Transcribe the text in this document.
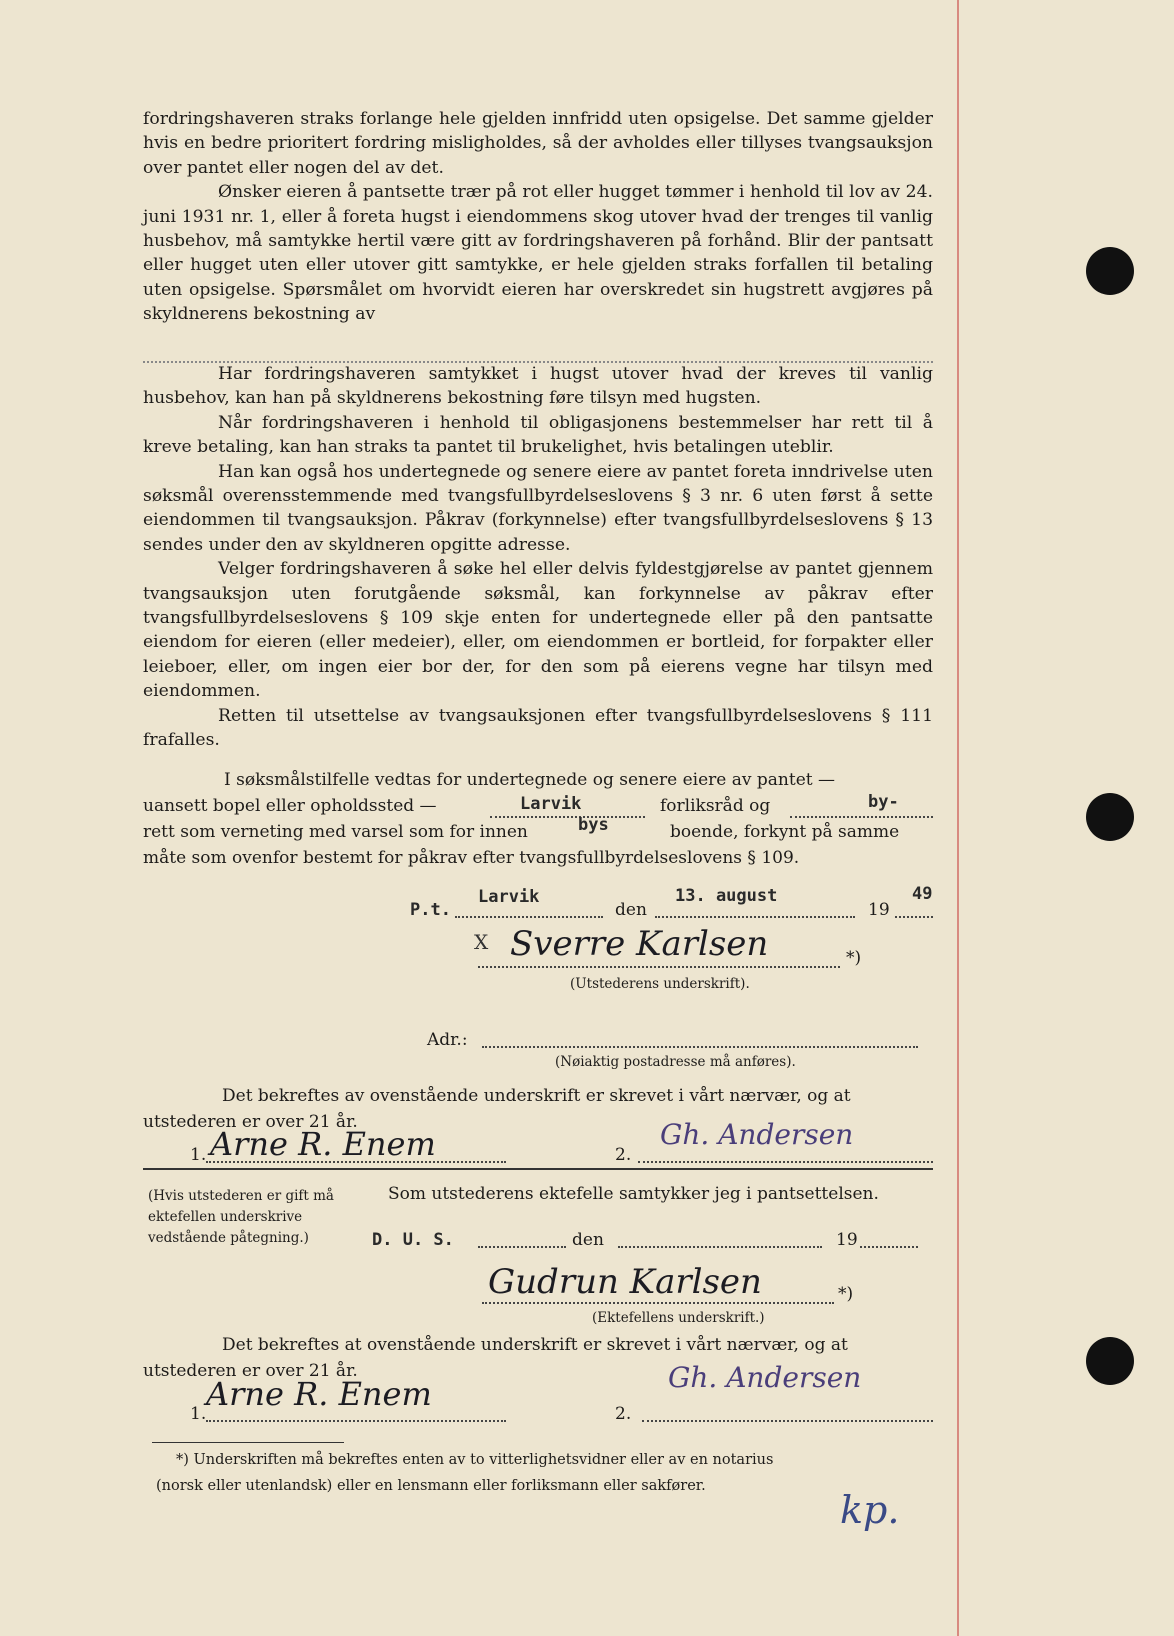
fordringshaveren straks forlange hele gjelden innfridd uten opsigelse. Det samme gjelder hvis en bedre prioritert fordring misligholdes, så der avholdes eller tillyses tvangsauksjon over pantet eller nogen del av det.

Ønsker eieren å pantsette trær på rot eller hugget tømmer i henhold til lov av 24. juni 1931 nr. 1, eller å foreta hugst i eiendommens skog utover hvad der trenges til vanlig husbehov, må samtykke hertil være gitt av fordringshaveren på forhånd. Blir der pantsatt eller hugget uten eller utover gitt samtykke, er hele gjelden straks forfallen til betaling uten opsigelse. Spørsmålet om hvorvidt eieren har overskredet sin hugstrett avgjøres på skyldnerens bekostning av

Har fordringshaveren samtykket i hugst utover hvad der kreves til vanlig husbehov, kan han på skyldnerens bekostning føre tilsyn med hugsten.

Når fordringshaveren i henhold til obligasjonens bestemmelser har rett til å kreve betaling, kan han straks ta pantet til brukelighet, hvis betalingen uteblir.

Han kan også hos undertegnede og senere eiere av pantet foreta inndrivelse uten søksmål overensstemmende med tvangsfullbyrdelseslovens § 3 nr. 6 uten først å sette eiendommen til tvangsauksjon. Påkrav (forkynnelse) efter tvangsfullbyrdelseslovens § 13 sendes under den av skyldneren opgitte adresse.

Velger fordringshaveren å søke hel eller delvis fyldestgjørelse av pantet gjennem tvangsauksjon uten forutgående søksmål, kan forkynnelse av påkrav efter tvangsfullbyrdelseslovens § 109 skje enten for undertegnede eller på den pantsatte eiendom for eieren (eller medeier), eller, om eiendommen er bortleid, for forpakter eller leieboer, eller, om ingen eier bor der, for den som på eierens vegne har tilsyn med eiendommen.

Retten til utsettelse av tvangsauksjonen efter tvangsfullbyrdelseslovens § 111 frafalles.

I søksmålstilfelle vedtas for undertegnede og senere eiere av pantet —
uansett bopel eller opholdssted —	Larvik	forliksråd og	by-
rett som verneting med varsel som for innen	bys	boende, forkynt på samme
måte som ovenfor bestemt for påkrav efter tvangsfullbyrdelseslovens § 109.
P.t.
Larvik
den
13. august
19
49
X Sverre Karlsen	*)
(Utstederens underskrift).
Adr.:
(Nøiaktig postadresse må anføres).
Det bekreftes av ovenstående underskrift er skrevet i vårt nærvær, og at
utstederen er over 21 år.
1. Arne R. Enem	2.
Gh. Andersen
(Hvis utstederen er gift må ektefellen underskrive vedstående påtegning.)
Som utstederens ektefelle samtykker jeg i pantsettelsen.
D. U. S.	den	19
Gudrun Karlsen	*)
(Ektefellens underskrift.)
Det bekreftes at ovenstående underskrift er skrevet i vårt nærvær, og at
utstederen er over 21 år.
1.
Arne R. Enem
2.
Gh. Andersen
*) Underskriften må bekreftes enten av to vitterlighetsvidner eller av en notarius
(norsk eller utenlandsk) eller en lensmann eller forliksmann eller sakfører.
kp.
